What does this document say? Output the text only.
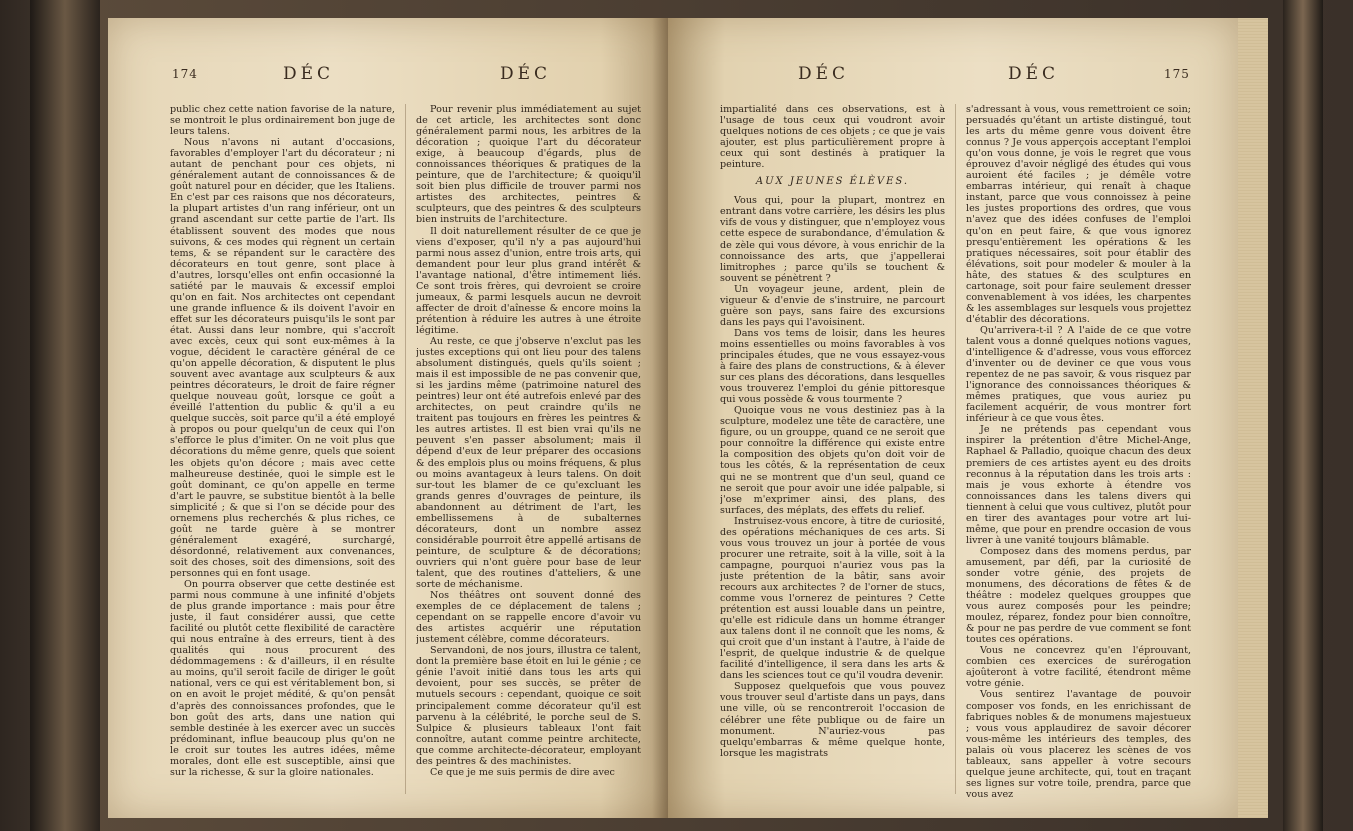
174	DÉC	DÉC

public chez cette nation favorise de la nature, se montroit le plus ordinairement bon juge de leurs talens.

Nous n'avons ni autant d'occasions, favorables d'employer l'art du décorateur ; ni autant de penchant pour ces objets, ni généralement autant de connoissances & de goût naturel pour en décider, que les Italiens. En c'est par ces raisons que nos décorateurs, la plupart artistes d'un rang inférieur, ont un grand ascendant sur cette partie de l'art. Ils établissent souvent des modes que nous suivons, & ces modes qui règnent un certain tems, & se répandent sur le caractère des décorateurs en tout genre, sont place à d'autres, lorsqu'elles ont enfin occasionné la satiété par le mauvais & excessif emploi qu'on en fait. Nos architectes ont cependant une grande influence & ils doivent l'avoir en effet sur les décorateurs puisqu'ils le sont par état. Aussi dans leur nombre, qui s'accroît avec excès, ceux qui sont eux-mêmes à la vogue, décident le caractère général de ce qu'on appelle décoration, & disputent le plus souvent avec avantage aux sculpteurs & aux peintres décorateurs, le droit de faire régner quelque nouveau goût, lorsque ce goût a éveillé l'attention du public & qu'il a eu quelque succès, soit parce qu'il a été employé à propos ou pour quelqu'un de ceux qui l'on s'efforce le plus d'imiter. On ne voit plus que décorations du même genre, quels que soient les objets qu'on décore ; mais avec cette malheureuse destinée, quoi le simple est le goût dominant, ce qu'on appelle en terme d'art le pauvre, se substitue bientôt à la belle simplicité ; & que si l'on se décide pour des ornemens plus recherchés & plus riches, ce goût ne tarde guère à se montrer généralement exagéré, surchargé, désordonné, relativement aux convenances, soit des choses, soit des dimensions, soit des personnes qui en font usage.

On pourra observer que cette destinée est parmi nous commune à une infinité d'objets de plus grande importance : mais pour être juste, il faut considérer aussi, que cette facilité ou plutôt cette flexibilité de caractère qui nous entraîne à des erreurs, tient à des qualités qui nous procurent des dédommagemens : & d'ailleurs, il en résulte au moins, qu'il seroit facile de diriger le goût national, vers ce qui est véritablement bon, si on en avoit le projet médité, & qu'on pensât d'après des connoissances profondes, que le bon goût des arts, dans une nation qui semble destinée à les exercer avec un succès prédominant, influe beaucoup plus qu'on ne le croit sur toutes les autres idées, même morales, dont elle est susceptible, ainsi que sur la richesse, & sur la gloire nationales.

Pour revenir plus immédiatement au sujet de cet article, les architectes sont donc généralement parmi nous, les arbitres de la décoration ; quoique l'art du décorateur exige, à beaucoup d'égards, plus de connoissances théoriques & pratiques de la peinture, que de l'architecture; & quoiqu'il soit bien plus difficile de trouver parmi nos artistes des architectes, peintres & sculpteurs, que des peintres & des sculpteurs bien instruits de l'architecture.

Il doit naturellement résulter de ce que je viens d'exposer, qu'il n'y a pas aujourd'hui parmi nous assez d'union, entre trois arts, qui demandent pour leur plus grand intérêt & l'avantage national, d'être intimement liés. Ce sont trois frères, qui devroient se croire jumeaux, & parmi lesquels aucun ne devroit affecter de droit d'aînesse & encore moins la prétention à réduire les autres à une étroite légitime.

Au reste, ce que j'observe n'exclut pas les justes exceptions qui ont lieu pour des talens absolument distingués, quels qu'ils soient ; mais il est impossible de ne pas convenir que, si les jardins même (patrimoine naturel des peintres) leur ont été autrefois enlevé par des architectes, on peut craindre qu'ils ne traitent pas toujours en frères les peintres & les autres artistes. Il est bien vrai qu'ils ne peuvent s'en passer absolument; mais il dépend d'eux de leur préparer des occasions & des emplois plus ou moins fréquens, & plus ou moins avantageux à leurs talens. On doit sur-tout les blamer de ce qu'excluant les grands genres d'ouvrages de peinture, ils abandonnent au détriment de l'art, les embellissemens à de subalternes décorateurs, dont un nombre assez considérable pourroit être appellé artisans de peinture, de sculpture & de décorations; ouvriers qui n'ont guère pour base de leur talent, que des routines d'atteliers, & une sorte de méchanisme.

Nos théâtres ont souvent donné des exemples de ce déplacement de talens ; cependant on se rappelle encore d'avoir vu des artistes acquérir une réputation justement célèbre, comme décorateurs.

Servandoni, de nos jours, illustra ce talent, dont la première base étoit en lui le génie ; ce génie l'avoit initié dans tous les arts qui devoient, pour ses succès, se prêter de mutuels secours : cependant, quoique ce soit principalement comme décorateur qu'il est parvenu à la célébrité, le porche seul de S. Sulpice & plusieurs tableaux l'ont fait connoître, autant comme peintre architecte, que comme architecte-décorateur, employant des peintres & des machinistes.

Ce que je me suis permis de dire avec

DÉC	DÉC	175

impartialité dans ces observations, est à l'usage de tous ceux qui voudront avoir quelques notions de ces objets ; ce que je vais ajouter, est plus particulièrement propre à ceux qui sont destinés à pratiquer la peinture.

AUX JEUNES ÉLÈVES.

Vous qui, pour la plupart, montrez en entrant dans votre carrière, les désirs les plus vifs de vous y distinguer, que n'employez vous cette espece de surabondance, d'émulation & de zèle qui vous dévore, à vous enrichir de la connoissance des arts, que j'appellerai limitrophes ; parce qu'ils se touchent & souvent se pénètrent ?

Un voyageur jeune, ardent, plein de vigueur & d'envie de s'instruire, ne parcourt guère son pays, sans faire des excursions dans les pays qui l'avoisinent.

Dans vos tems de loisir, dans les heures moins essentielles ou moins favorables à vos principales études, que ne vous essayez-vous à faire des plans de constructions, & à élever sur ces plans des décorations, dans lesquelles vous trouverez l'emploi du génie pittoresque qui vous possède & vous tourmente ?

Quoique vous ne vous destiniez pas à la sculpture, modelez une tête de caractère, une figure, ou un grouppe, quand ce ne seroit que pour connoître la différence qui existe entre la composition des objets qu'on doit voir de tous les côtés, & la représentation de ceux qui ne se montrent que d'un seul, quand ce ne seroit que pour avoir une idée palpable, si j'ose m'exprimer ainsi, des plans, des surfaces, des méplats, des effets du relief.

Instruisez-vous encore, à titre de curiosité, des opérations méchaniques de ces arts. Si vous vous trouvez un jour à portée de vous procurer une retraite, soit à la ville, soit à la campagne, pourquoi n'auriez vous pas la juste prétention de la bâtir, sans avoir recours aux architectes ? de l'orner de stucs, comme vous l'ornerez de peintures ? Cette prétention est aussi louable dans un peintre, qu'elle est ridicule dans un homme étranger aux talens dont il ne connoît que les noms, & qui croit que d'un instant à l'autre, à l'aide de l'esprit, de quelque industrie & de quelque facilité d'intelligence, il sera dans les arts & dans les sciences tout ce qu'il voudra devenir.

Supposez quelquefois que vous pouvez vous trouver seul d'artiste dans un pays, dans une ville, où se rencontreroit l'occasion de célébrer une fête publique ou de faire un monument. N'auriez-vous pas quelqu'embarras & même quelque honte, lorsque les magistrats

s'adressant à vous, vous remettroient ce soin; persuadés qu'étant un artiste distingué, tout les arts du même genre vous doivent être connus ? Je vous apperçois acceptant l'emploi qu'on vous donne, je vois le regret que vous éprouvez d'avoir négligé des études qui vous auroient été faciles ; je démêle votre embarras intérieur, qui renaît à chaque instant, parce que vous connoissez à peine les justes proportions des ordres, que vous n'avez que des idées confuses de l'emploi qu'on en peut faire, & que vous ignorez presqu'entièrement les opérations & les pratiques nécessaires, soit pour établir des élévations, soit pour modeler & mouler à la hâte, des statues & des sculptures en cartonage, soit pour faire seulement dresser convenablement à vos idées, les charpentes & les assemblages sur lesquels vous projettez d'établir des décorations.

Qu'arrivera-t-il ? A l'aide de ce que votre talent vous a donné quelques notions vagues, d'intelligence & d'adresse, vous vous efforcez d'inventer ou de deviner ce que vous vous repentez de ne pas savoir, & vous risquez par l'ignorance des connoissances théoriques & mêmes pratiques, que vous auriez pu facilement acquérir, de vous montrer fort inférieur à ce que vous êtes.

Je ne prétends pas cependant vous inspirer la prétention d'être Michel-Ange, Raphael & Palladio, quoique chacun des deux premiers de ces artistes ayent eu des droits reconnus à la réputation dans les trois arts : mais je vous exhorte à étendre vos connoissances dans les talens divers qui tiennent à celui que vous cultivez, plutôt pour en tirer des avantages pour votre art lui-même, que pour en prendre occasion de vous livrer à une vanité toujours blâmable.

Composez dans des momens perdus, par amusement, par défi, par la curiosité de sonder votre génie, des projets de monumens, des décorations de fêtes & de théâtre : modelez quelques grouppes que vous aurez composés pour les peindre; moulez, réparez, fondez pour bien connoître, & pour ne pas perdre de vue comment se font toutes ces opérations.

Vous ne concevrez qu'en l'éprouvant, combien ces exercices de surérogation ajoûteront à votre facilité, étendront même votre génie.

Vous sentirez l'avantage de pouvoir composer vos fonds, en les enrichissant de fabriques nobles & de monumens majestueux ; vous vous applaudirez de savoir décorer vous-même les intérieurs des temples, des palais où vous placerez les scènes de vos tableaux, sans appeller à votre secours quelque jeune architecte, qui, tout en traçant ses lignes sur votre toile, prendra, parce que vous avez
